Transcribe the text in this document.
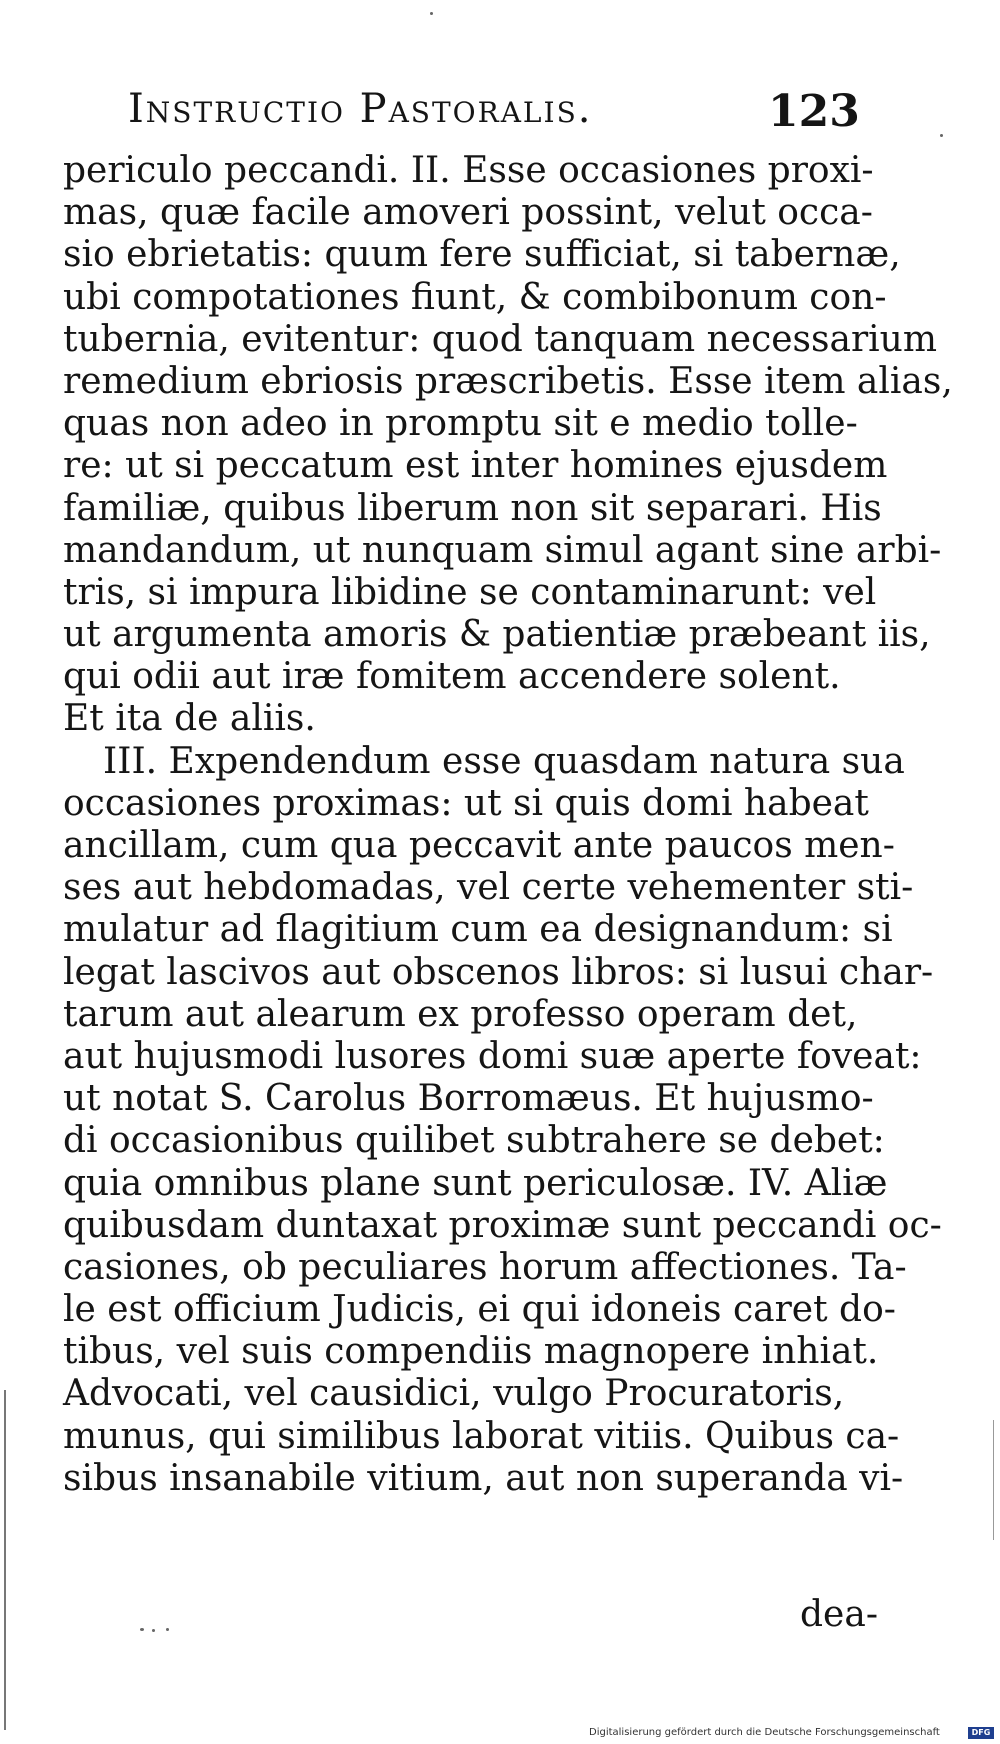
Instructio Pastoralis.	123
periculo peccandi. II. Esse occasiones proxi-
mas, quæ facile amoveri possint, velut occa-
sio ebrietatis: quum fere sufficiat, si tabernæ,
ubi compotationes fiunt, & combibonum con-
tubernia, evitentur: quod tanquam necessarium
remedium ebriosis præscribetis. Esse item alias,
quas non adeo in promptu sit e medio tolle-
re: ut si peccatum est inter homines ejusdem
familiæ, quibus liberum non sit separari. His
mandandum, ut nunquam simul agant sine arbi-
tris, si impura libidine se contaminarunt: vel
ut argumenta amoris & patientiæ præbeant iis,
qui odii aut iræ fomitem accendere solent.
Et ita de aliis.
III. Expendendum esse quasdam natura sua
occasiones proximas: ut si quis domi habeat
ancillam, cum qua peccavit ante paucos men-
ses aut hebdomadas, vel certe vehementer sti-
mulatur ad flagitium cum ea designandum: si
legat lascivos aut obscenos libros: si lusui char-
tarum aut alearum ex professo operam det,
aut hujusmodi lusores domi suæ aperte foveat:
ut notat S. Carolus Borromæus. Et hujusmo-
di occasionibus quilibet subtrahere se debet:
quia omnibus plane sunt periculosæ. IV. Aliæ
quibusdam duntaxat proximæ sunt peccandi oc-
casiones, ob peculiares horum affectiones. Ta-
le est officium Judicis, ei qui idoneis caret do-
tibus, vel suis compendiis magnopere inhiat.
Advocati, vel causidici, vulgo Procuratoris,
munus, qui similibus laborat vitiis. Quibus ca-
sibus insanabile vitium, aut non superanda vi-
dea-
Digitalisierung gefördert durch die Deutsche Forschungsgemeinschaft	DFG
